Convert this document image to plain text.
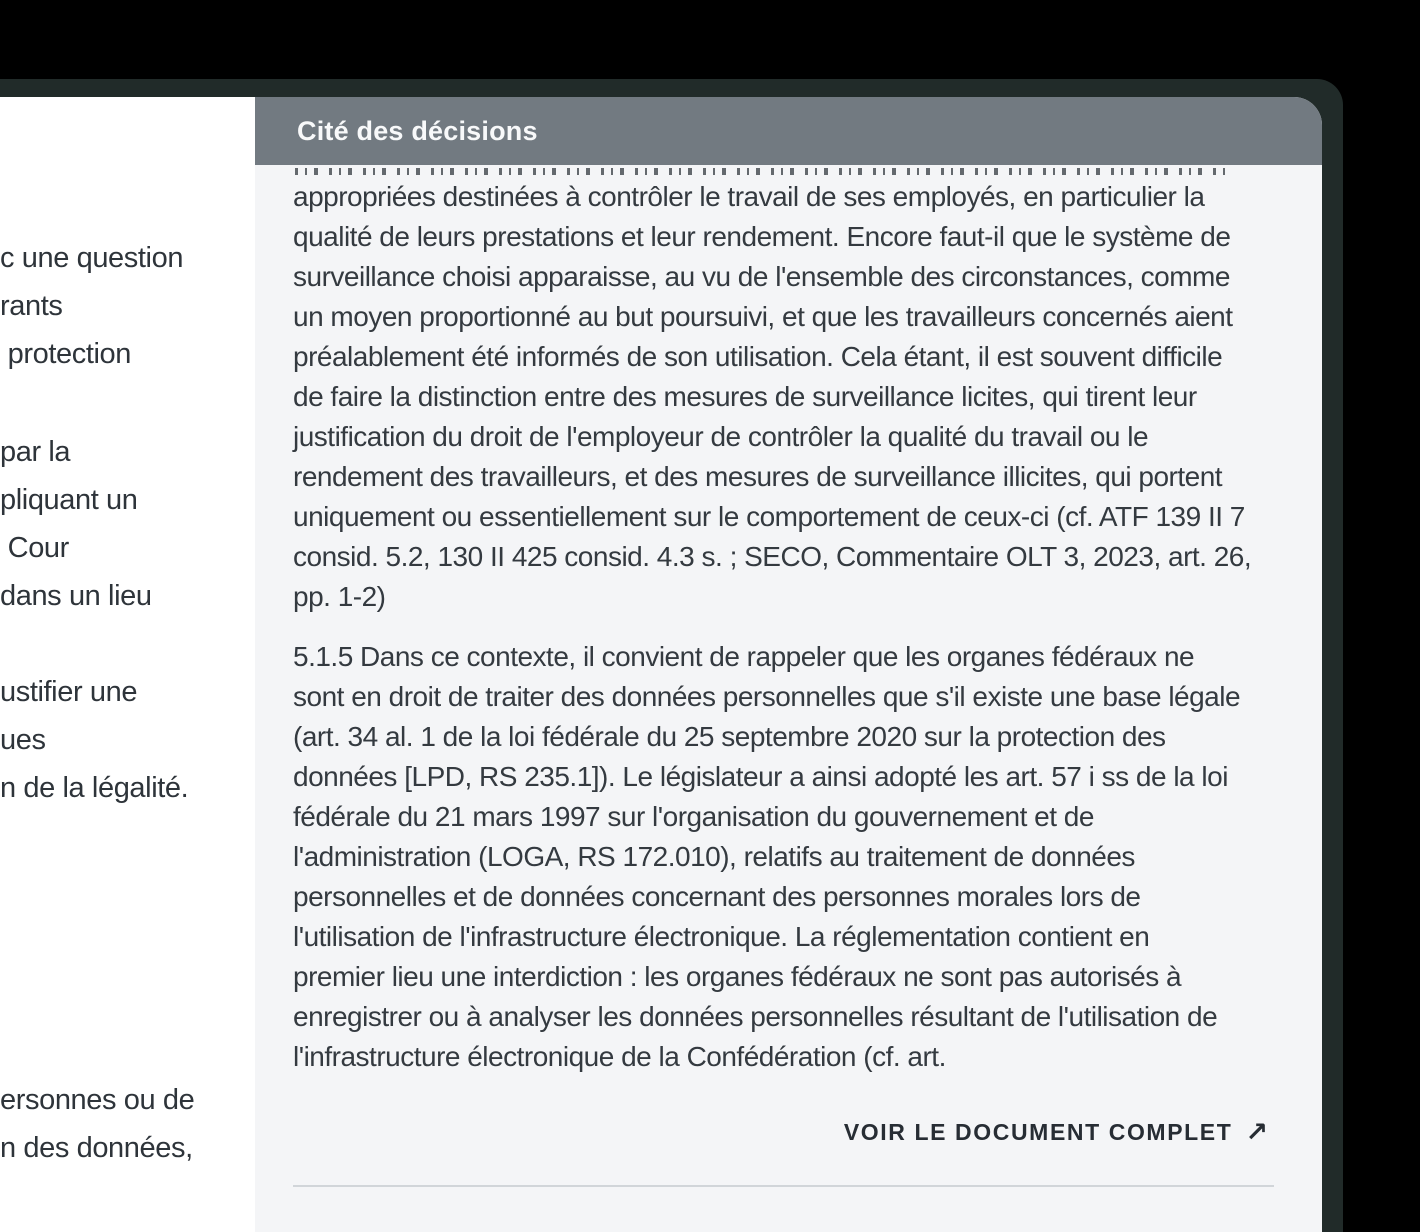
c une question
rants
protection
par la
pliquant un
Cour
dans un lieu
ustifier une
ues
n de la légalité.
ersonnes ou de
n des données,
Cité des décisions
appropriées destinées à contrôler le travail de ses employés, en particulier la
qualité de leurs prestations et leur rendement. Encore faut-il que le système de
surveillance choisi apparaisse, au vu de l'ensemble des circonstances, comme
un moyen proportionné au but poursuivi, et que les travailleurs concernés aient
préalablement été informés de son utilisation. Cela étant, il est souvent difficile
de faire la distinction entre des mesures de surveillance licites, qui tirent leur
justification du droit de l'employeur de contrôler la qualité du travail ou le
rendement des travailleurs, et des mesures de surveillance illicites, qui portent
uniquement ou essentiellement sur le comportement de ceux-ci (cf. ATF 139 II 7
consid. 5.2, 130 II 425 consid. 4.3 s. ; SECO, Commentaire OLT 3, 2023, art. 26,
pp. 1-2)
5.1.5 Dans ce contexte, il convient de rappeler que les organes fédéraux ne
sont en droit de traiter des données personnelles que s'il existe une base légale
(art. 34 al. 1 de la loi fédérale du 25 septembre 2020 sur la protection des
données [LPD, RS 235.1]). Le législateur a ainsi adopté les art. 57 i ss de la loi
fédérale du 21 mars 1997 sur l'organisation du gouvernement et de
l'administration (LOGA, RS 172.010), relatifs au traitement de données
personnelles et de données concernant des personnes morales lors de
l'utilisation de l'infrastructure électronique. La réglementation contient en
premier lieu une interdiction : les organes fédéraux ne sont pas autorisés à
enregistrer ou à analyser les données personnelles résultant de l'utilisation de
l'infrastructure électronique de la Confédération (cf. art.
VOIR LE DOCUMENT COMPLET ↗
